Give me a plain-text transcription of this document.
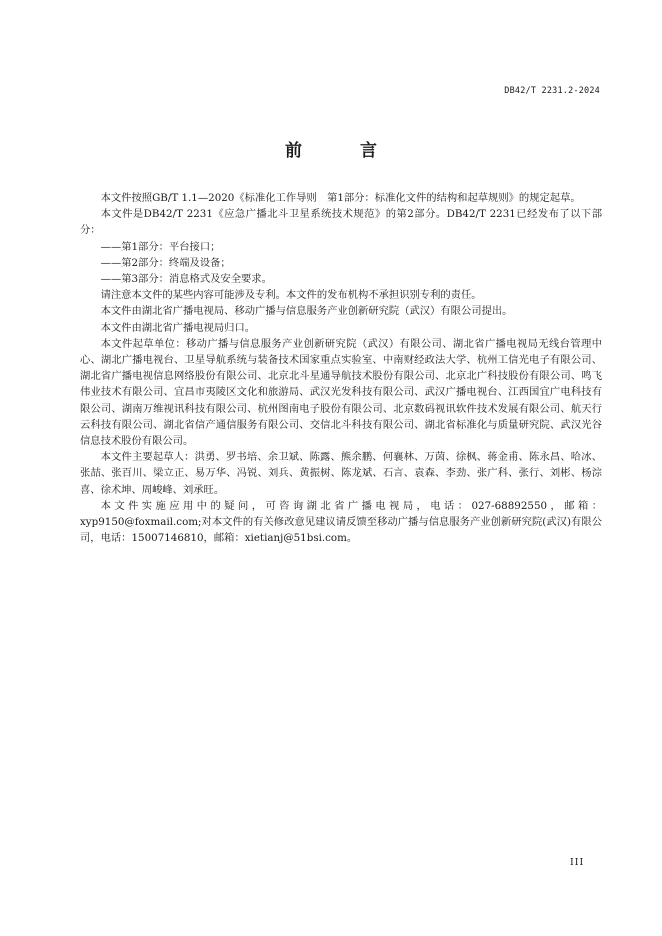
DB42/T 2231.2-2024
前 言

本文件按照GB/T 1.1—2020《标准化工作导则　第1部分：标准化文件的结构和起草规则》的规定起草。

本文件是DB42/T 2231《应急广播北斗卫星系统技术规范》的第2部分。DB42/T 2231已经发布了以下部分：

——第1部分：平台接口；

——第2部分：终端及设备；

——第3部分：消息格式及安全要求。

请注意本文件的某些内容可能涉及专利。本文件的发布机构不承担识别专利的责任。

本文件由湖北省广播电视局、移动广播与信息服务产业创新研究院（武汉）有限公司提出。

本文件由湖北省广播电视局归口。

本文件起草单位：移动广播与信息服务产业创新研究院（武汉）有限公司、湖北省广播电视局无线台管理中心、湖北广播电视台、卫星导航系统与装备技术国家重点实验室、中南财经政法大学、杭州工信光电子有限公司、湖北省广播电视信息网络股份有限公司、北京北斗星通导航技术股份有限公司、北京北广科技股份有限公司、鸣飞伟业技术有限公司、宜昌市夷陵区文化和旅游局、武汉光发科技有限公司、武汉广播电视台、江西国宜广电科技有限公司、湖南万维视讯科技有限公司、杭州图南电子股份有限公司、北京数码视讯软件技术发展有限公司、航天行云科技有限公司、湖北省信产通信服务有限公司、交信北斗科技有限公司、湖北省标准化与质量研究院、武汉光谷信息技术股份有限公司。

本文件主要起草人：洪勇、罗书培、余卫斌、陈露、熊余鹏、何襄林、万茵、徐枫、蒋金甫、陈永昌、哈冰、张喆、张百川、梁立正、易万华、冯锐、刘兵、黄振树、陈龙斌、石言、袁森、李劲、张广科、张行、刘彬、杨淙喜、徐术坤、周峻峰、刘承旺。

本文件实施应用中的疑问，可咨询湖北省广播电视局，电话：027-68892550，邮箱：xyp9150@foxmail.com;对本文件的有关修改意见建议请反馈至移动广播与信息服务产业创新研究院(武汉)有限公司，电话：15007146810，邮箱：xietianj@51bsi.com。

III
